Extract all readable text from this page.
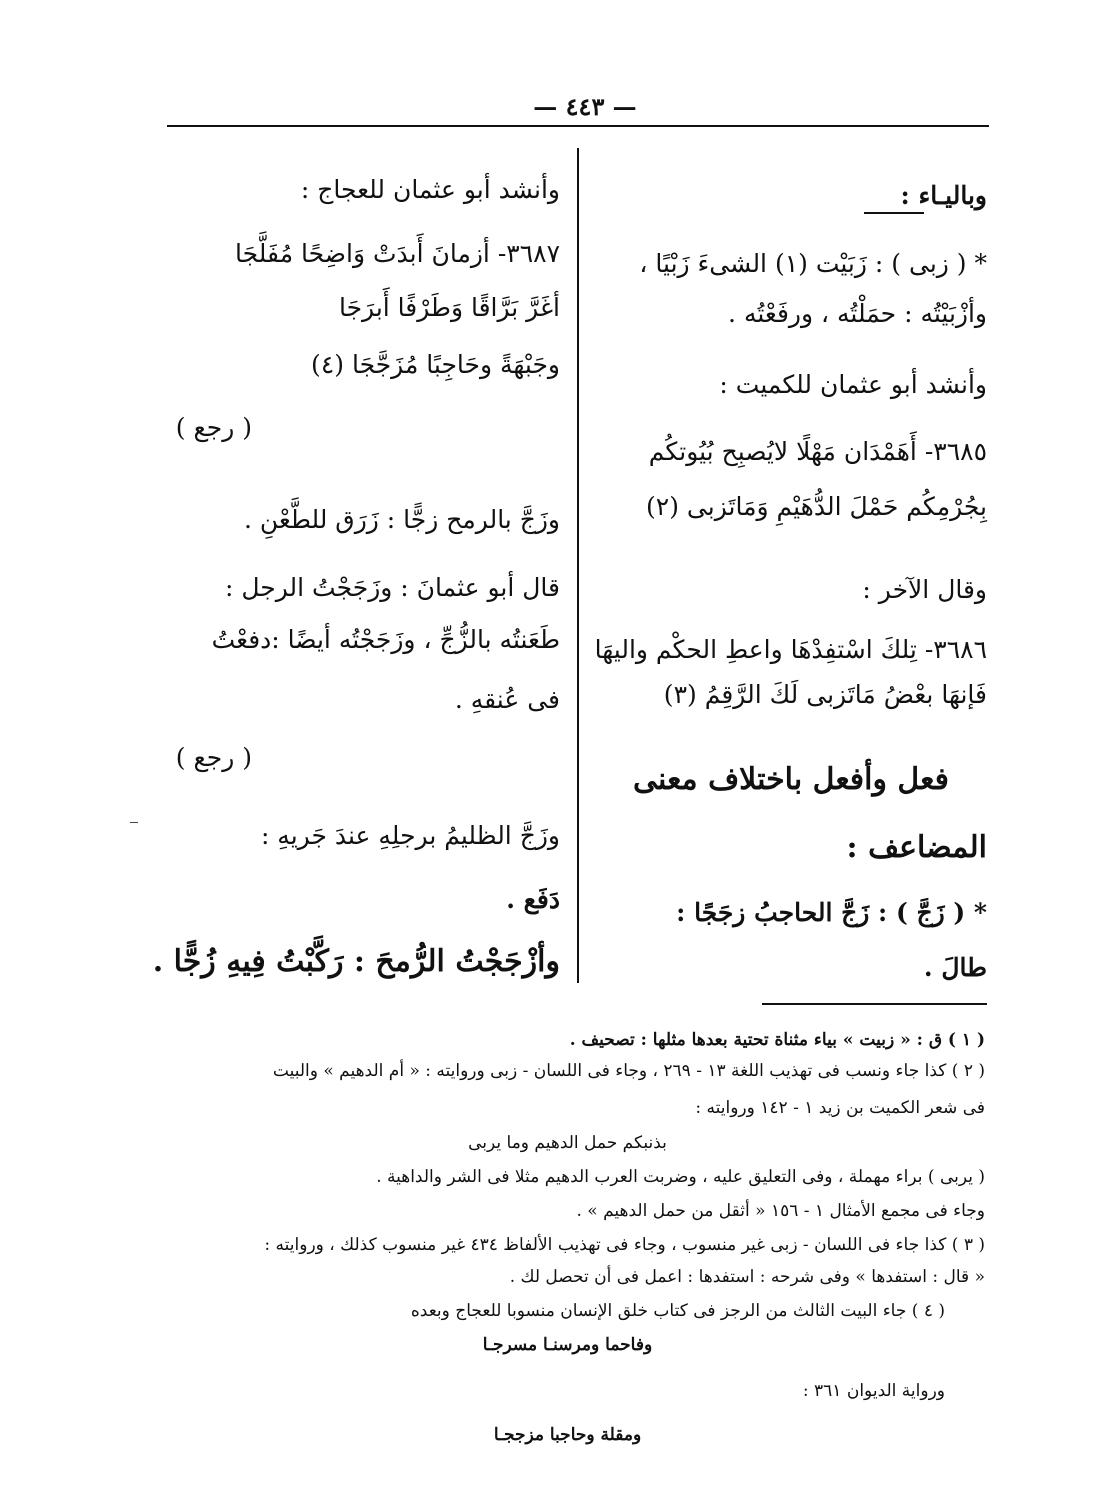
— ٤٤٣ —
وباليـاء :
* ( زبى ) : زَبَيْت (١) الشىءَ زَبْيًا ،
وأزْبَيْتُه : حمَلْتُه ، ورفَعْتُه .
وأنشد أبو عثمان للكميت :
٣٦٨٥- أَهَمْدَان مَهْلًا لايُصبِح بُيُوتكُم
بِجُرْمِكُم حَمْلَ الدُّهَيْمِ وَمَاتَزبى (٢)
وقال الآخر :
٣٦٨٦- تِلكَ اسْتفِدْهَا واعطِ الحكْم واليهَا
فَإنهَا بعْضُ مَاتَزبى لَكَ الرَّقِمُ (٣)
فعل وأفعل باختلاف معنى
المضاعف :
* ( زَجَّ ) : زَجَّ الحاجبُ زجَجًا :
طالَ .
وأنشد أبو عثمان للعجاج :
٣٦٨٧- أزمانَ أَبدَتْ وَاضِحًا مُفَلَّجَا
أغَرَّ بَرَّاقًا وَطَرْفًا أَبرَجَا
وجَبْهَةً وحَاجِبًا مُزَجَّجَا (٤)
( رجع )
وزَجَّ بالرمح زجًّا : زَرَق للطَّعْنِ .
قال أبو عثمانَ : وزَجَجْتُ الرجل :
طَعَنتُه بالزُّجِّ ، وزَجَجْتُه أيضًا :دفعْتُ
فى عُنقهِ .
( رجع )
وزَجَّ الظليمُ برجلِهِ عندَ جَريهِ :
دَفَع .
وأزْجَجْتُ الرُّمحَ : رَكَّبْتُ فِيهِ زُجًّا .
( ١ ) ق : « زبيت » بياء مثناة تحتية بعدها مثلها : تصحيف .
( ٢ ) كذا جاء ونسب فى تهذيب اللغة ١٣ - ٢٦٩ ، وجاء فى اللسان - زبى وروايته : « أم الدهيم » والبيت
فى شعر الكميت بن زيد ١ - ١٤٢ وروايته :
بذنبكم حمل الدهيم وما يربى
( يربى ) براء مهملة ، وفى التعليق عليه ، وضربت العرب الدهيم مثلا فى الشر والداهية .
وجاء فى مجمع الأمثال ١ - ١٥٦ « أثقل من حمل الدهيم » .
( ٣ ) كذا جاء فى اللسان - زبى غير منسوب ، وجاء فى تهذيب الألفاظ ٤٣٤ غير منسوب كذلك ، وروايته :
« قال : استفدها » وفى شرحه : استفدها : اعمل فى أن تحصل لك .
( ٤ ) جاء البيت الثالث من الرجز فى كتاب خلق الإنسان منسوبا للعجاج وبعده
وفاحما ومرسنـا مسرجـا
ورواية الديوان ٣٦١ :
ومقلة وحاجبا مزججـا
